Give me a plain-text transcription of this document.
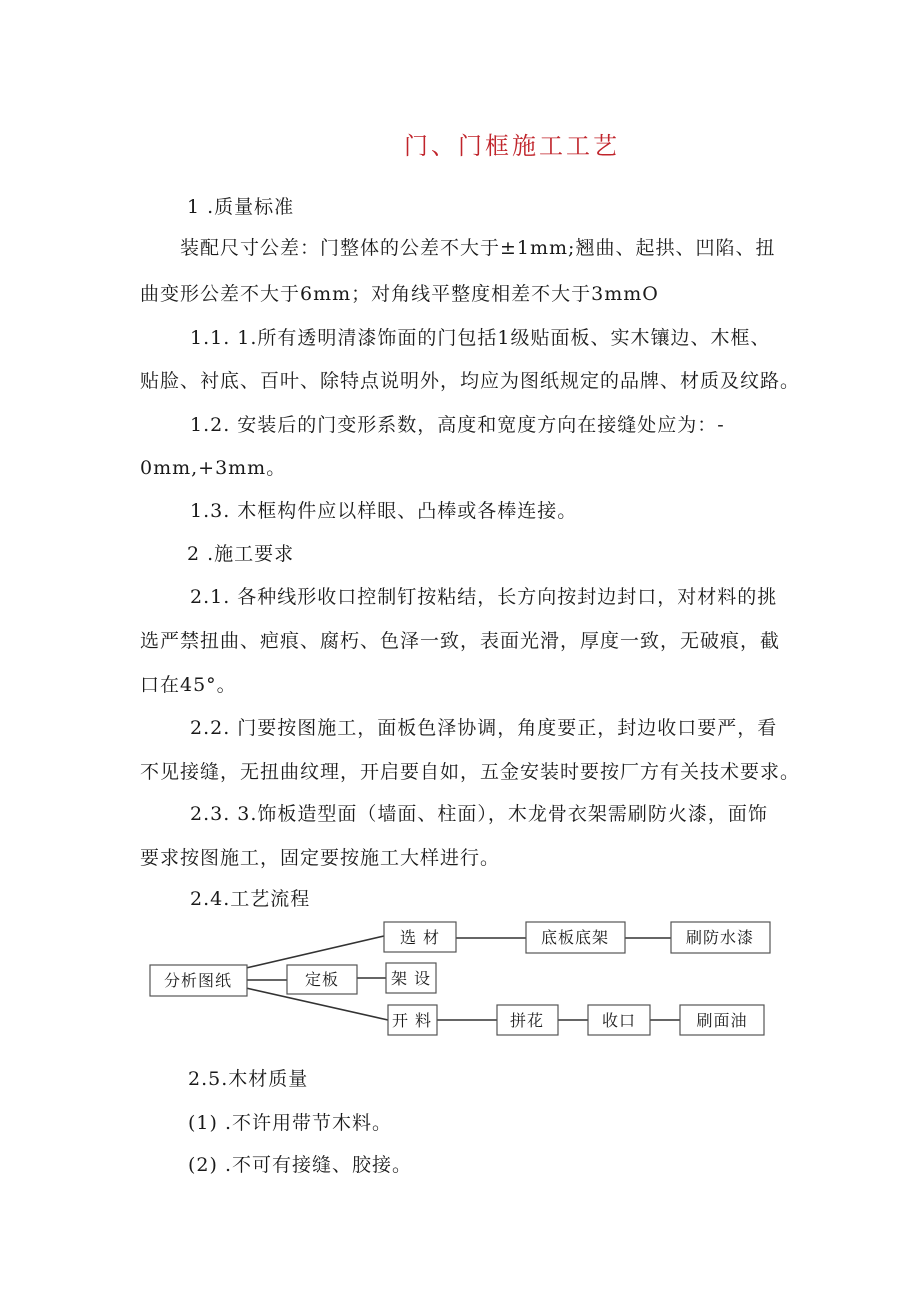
门、门框施工工艺
1 .质量标准
装配尺寸公差：门整体的公差不大于±1mm;翘曲、起拱、凹陷、扭
曲变形公差不大于6mm；对角线平整度相差不大于3mmO
1.1. 1.所有透明清漆饰面的门包括1级贴面板、实木镶边、木框、
贴脸、衬底、百叶、除特点说明外，均应为图纸规定的品牌、材质及纹路。
1.2. 安装后的门变形系数，高度和宽度方向在接缝处应为：-
0mm,+3mm。
1.3. 木框构件应以样眼、凸棒或各棒连接。
2 .施工要求
2.1. 各种线形收口控制钉按粘结，长方向按封边封口，对材料的挑
选严禁扭曲、疤痕、腐朽、色泽一致，表面光滑，厚度一致，无破痕，截
口在45°。
2.2. 门要按图施工，面板色泽协调，角度要正，封边收口要严，看
不见接缝，无扭曲纹理，开启要自如，五金安装时要按厂方有关技术要求。
2.3. 3.饰板造型面（墙面、柱面），木龙骨衣架需刷防火漆，面饰
要求按图施工，固定要按施工大样进行。
2.4.工艺流程
分析图纸
选 材	底板底架	刷防水漆
定板	架 设
开 料	拼花	收口	刷面油
2.5.木材质量
(1) .不许用带节木料。
(2) .不可有接缝、胶接。
